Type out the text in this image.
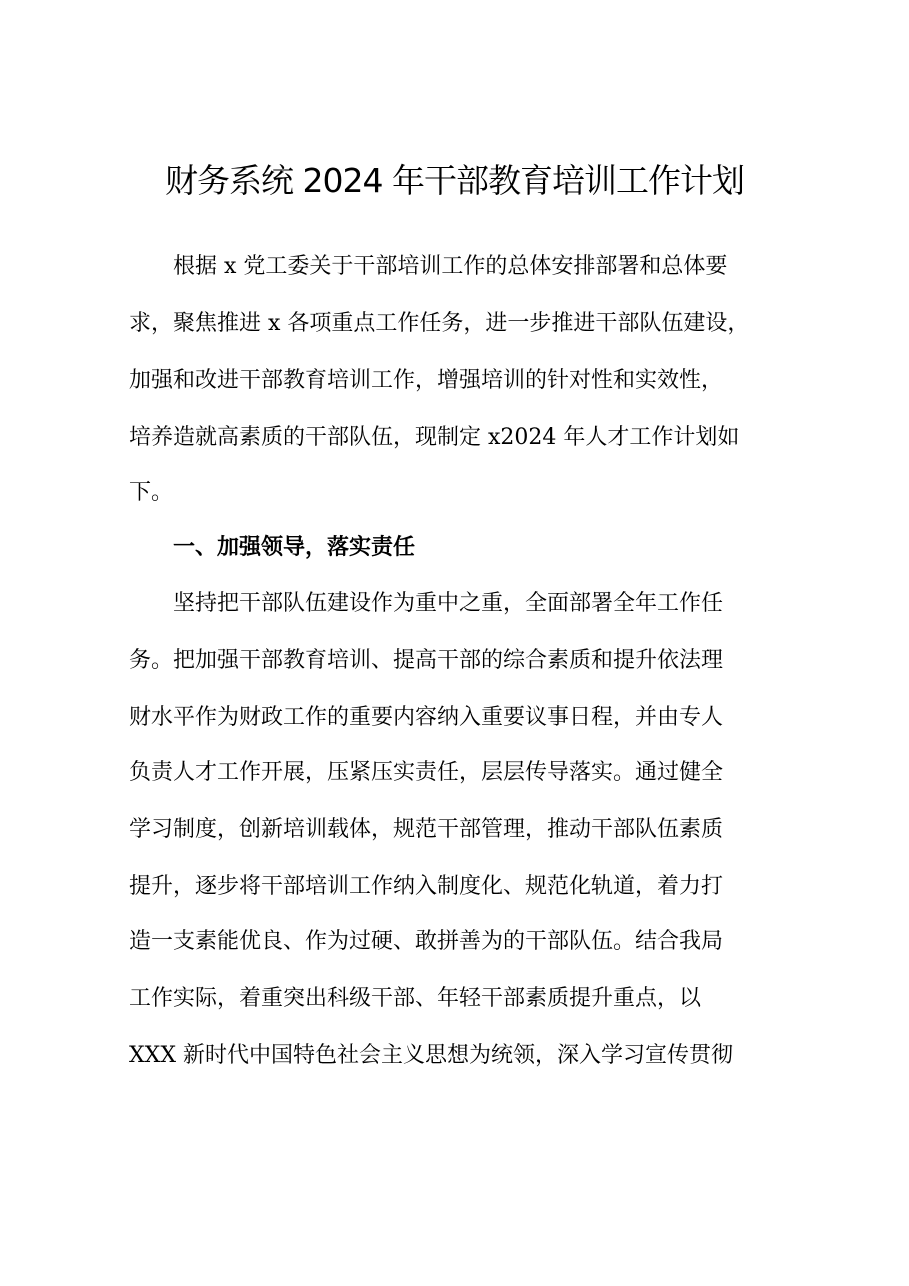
财务系统 2024 年干部教育培训工作计划

根据 x 党工委关于干部培训工作的总体安排部署和总体要

求，聚焦推进 x 各项重点工作任务，进一步推进干部队伍建设，

加强和改进干部教育培训工作，增强培训的针对性和实效性，

培养造就高素质的干部队伍，现制定 x2024 年人才工作计划如

下。

一、加强领导，落实责任

坚持把干部队伍建设作为重中之重，全面部署全年工作任

务。把加强干部教育培训、提高干部的综合素质和提升依法理

财水平作为财政工作的重要内容纳入重要议事日程，并由专人

负责人才工作开展，压紧压实责任，层层传导落实。通过健全

学习制度，创新培训载体，规范干部管理，推动干部队伍素质

提升，逐步将干部培训工作纳入制度化、规范化轨道，着力打

造一支素能优良、作为过硬、敢拼善为的干部队伍。结合我局

工作实际，着重突出科级干部、年轻干部素质提升重点，以

XXX 新时代中国特色社会主义思想为统领，深入学习宣传贯彻
